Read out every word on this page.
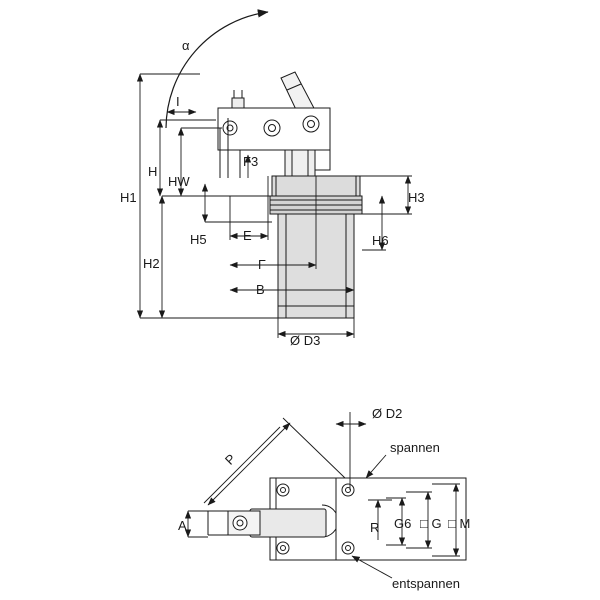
α
H1
H2
H
HW
I
F3
H5	H6
H3
E
F
B
Ø D3
Ø D2
P
A	R G6 □ G □ M
spannen
entspannen
